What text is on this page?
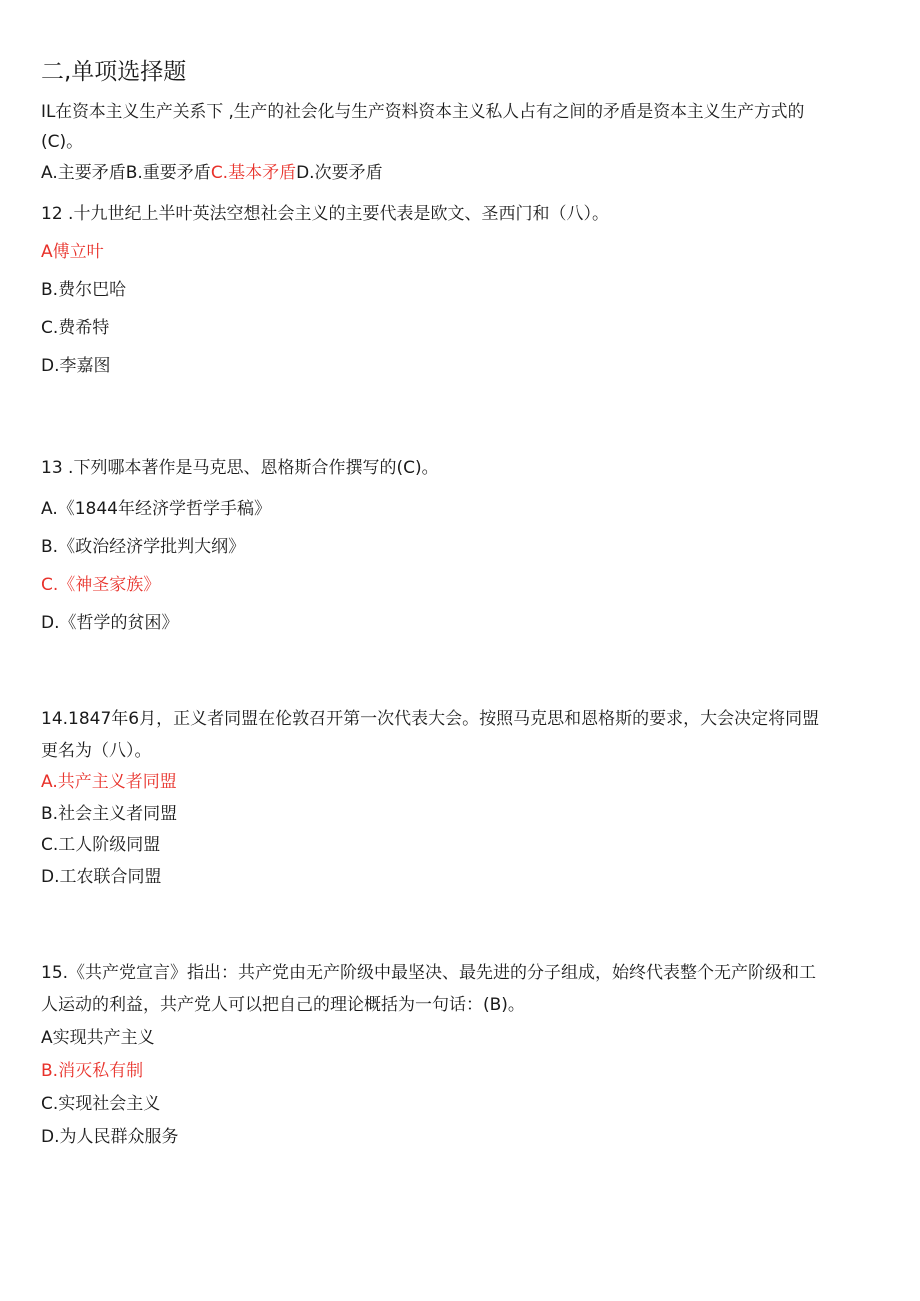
二,单项选择题
IL在资本主义生产关系下 ,生产的社会化与生产资料资本主义私人占有之间的矛盾是资本主义生产方式的
(C)。
A.主要矛盾B.重要矛盾C.基本矛盾D.次要矛盾
12 .十九世纪上半叶英法空想社会主义的主要代表是欧文、圣西门和（八）。
A傅立叶
B.费尔巴哈
C.费希特
D.李嘉图
13 .下列哪本著作是马克思、恩格斯合作撰写的(C)。
A.《1844年经济学哲学手稿》
B.《政治经济学批判大纲》
C.《神圣家族》
D.《哲学的贫困》
14.1847年6月，正义者同盟在伦敦召开第一次代表大会。按照马克思和恩格斯的要求，大会决定将同盟
更名为（八）。
A.共产主义者同盟
B.社会主义者同盟
C.工人阶级同盟
D.工农联合同盟
15.《共产党宣言》指出：共产党由无产阶级中最坚决、最先进的分子组成，始终代表整个无产阶级和工
人运动的利益，共产党人可以把自己的理论概括为一句话：(B)。
A实现共产主义
B.消灭私有制
C.实现社会主义
D.为人民群众服务
